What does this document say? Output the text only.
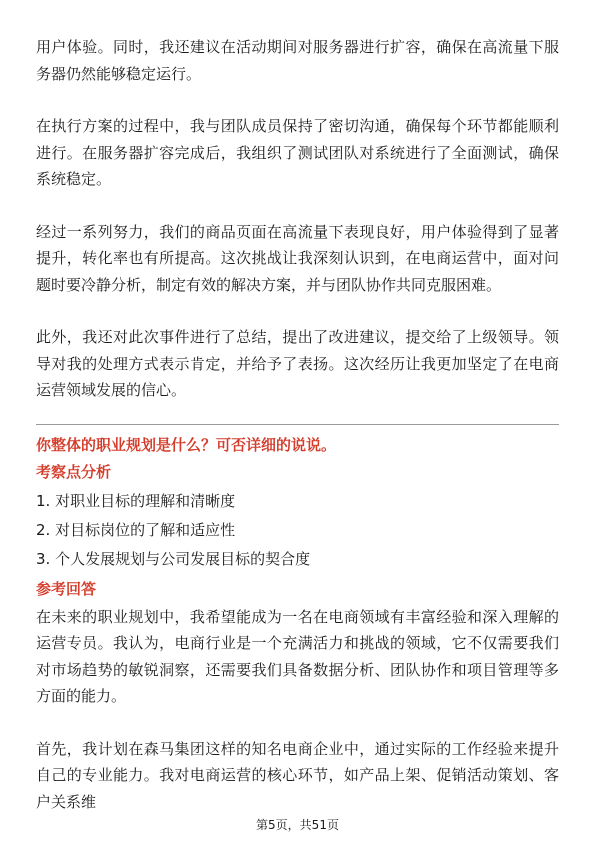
用户体验。同时，我还建议在活动期间对服务器进行扩容，确保在高流量下服务器仍然能够稳定运行。

在执行方案的过程中，我与团队成员保持了密切沟通，确保每个环节都能顺利进行。在服务器扩容完成后，我组织了测试团队对系统进行了全面测试，确保系统稳定。

经过一系列努力，我们的商品页面在高流量下表现良好，用户体验得到了显著提升，转化率也有所提高。这次挑战让我深刻认识到，在电商运营中，面对问题时要冷静分析，制定有效的解决方案，并与团队协作共同克服困难。

此外，我还对此次事件进行了总结，提出了改进建议，提交给了上级领导。领导对我的处理方式表示肯定，并给予了表扬。这次经历让我更加坚定了在电商运营领域发展的信心。

你整体的职业规划是什么？可否详细的说说。
考察点分析
1. 对职业目标的理解和清晰度
2. 对目标岗位的了解和适应性
3. 个人发展规划与公司发展目标的契合度
参考回答

在未来的职业规划中，我希望能成为一名在电商领域有丰富经验和深入理解的运营专员。我认为，电商行业是一个充满活力和挑战的领域，它不仅需要我们对市场趋势的敏锐洞察，还需要我们具备数据分析、团队协作和项目管理等多方面的能力。

首先，我计划在森马集团这样的知名电商企业中，通过实际的工作经验来提升自己的专业能力。我对电商运营的核心环节，如产品上架、促销活动策划、客户关系维

第5页，共51页
